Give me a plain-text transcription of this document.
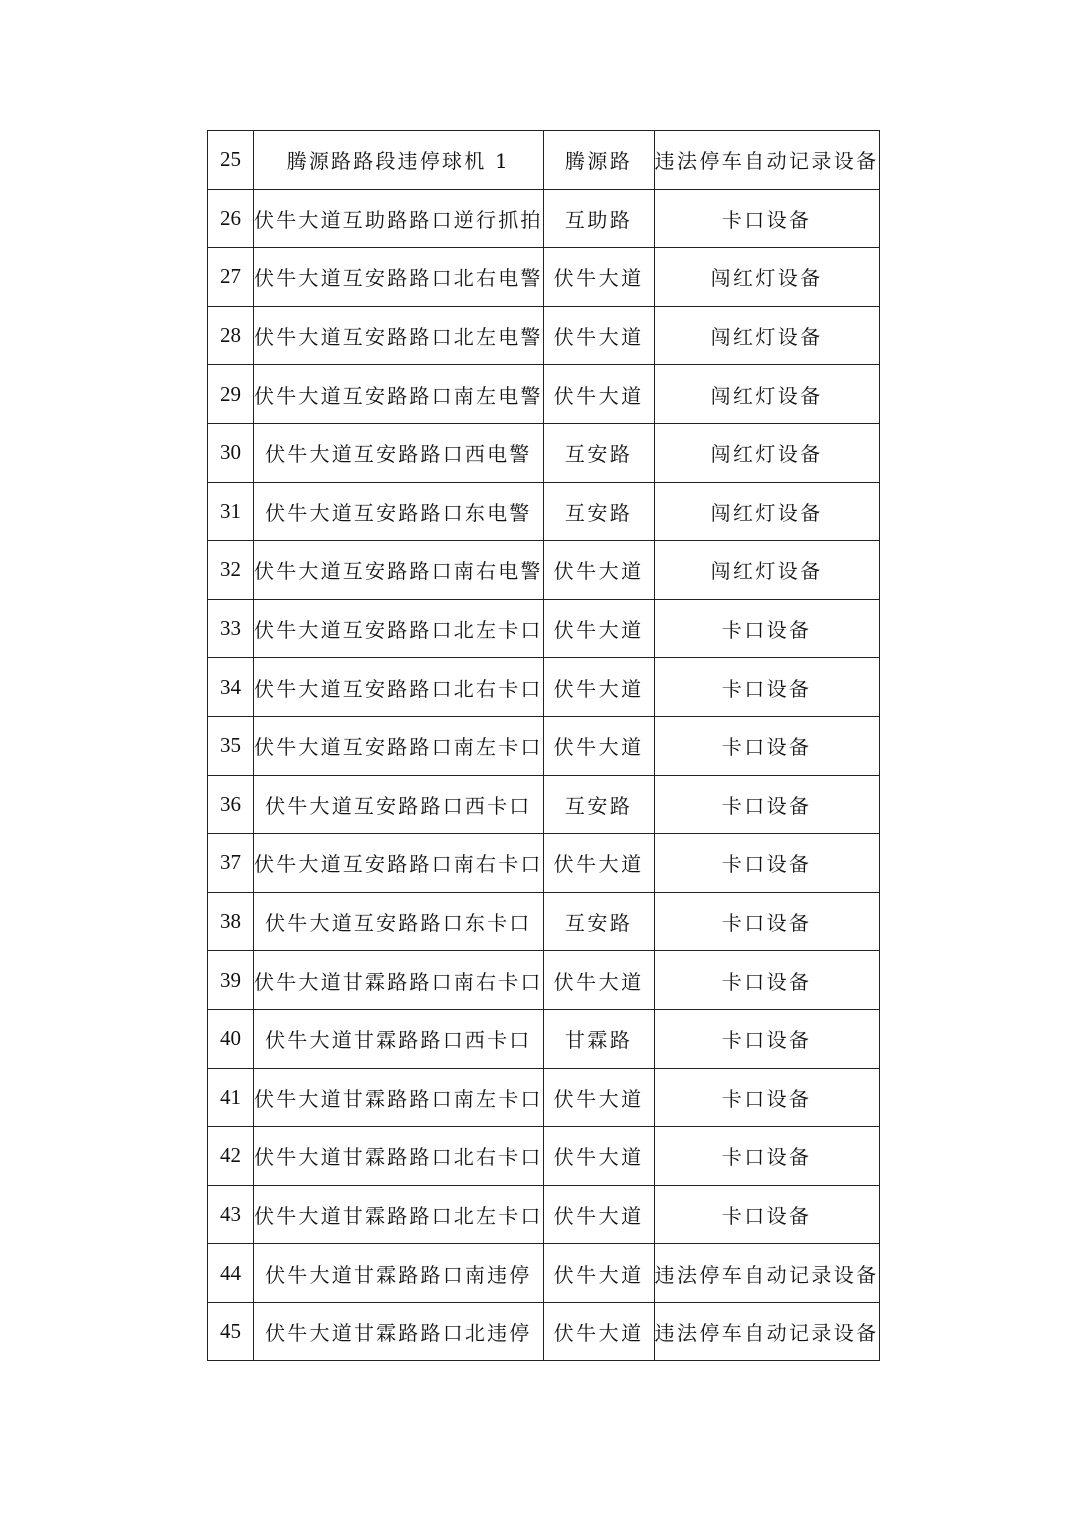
25	腾源路路段违停球机 1	腾源路	违法停车自动记录设备
26	伏牛大道互助路路口逆行抓拍	互助路	卡口设备
27	伏牛大道互安路路口北右电警	伏牛大道	闯红灯设备
28	伏牛大道互安路路口北左电警	伏牛大道	闯红灯设备
29	伏牛大道互安路路口南左电警	伏牛大道	闯红灯设备
30	伏牛大道互安路路口西电警	互安路	闯红灯设备
31	伏牛大道互安路路口东电警	互安路	闯红灯设备
32	伏牛大道互安路路口南右电警	伏牛大道	闯红灯设备
33	伏牛大道互安路路口北左卡口	伏牛大道	卡口设备
34	伏牛大道互安路路口北右卡口	伏牛大道	卡口设备
35	伏牛大道互安路路口南左卡口	伏牛大道	卡口设备
36	伏牛大道互安路路口西卡口	互安路	卡口设备
37	伏牛大道互安路路口南右卡口	伏牛大道	卡口设备
38	伏牛大道互安路路口东卡口	互安路	卡口设备
39	伏牛大道甘霖路路口南右卡口	伏牛大道	卡口设备
40	伏牛大道甘霖路路口西卡口	甘霖路	卡口设备
41	伏牛大道甘霖路路口南左卡口	伏牛大道	卡口设备
42	伏牛大道甘霖路路口北右卡口	伏牛大道	卡口设备
43	伏牛大道甘霖路路口北左卡口	伏牛大道	卡口设备
44	伏牛大道甘霖路路口南违停	伏牛大道	违法停车自动记录设备
45	伏牛大道甘霖路路口北违停	伏牛大道	违法停车自动记录设备
